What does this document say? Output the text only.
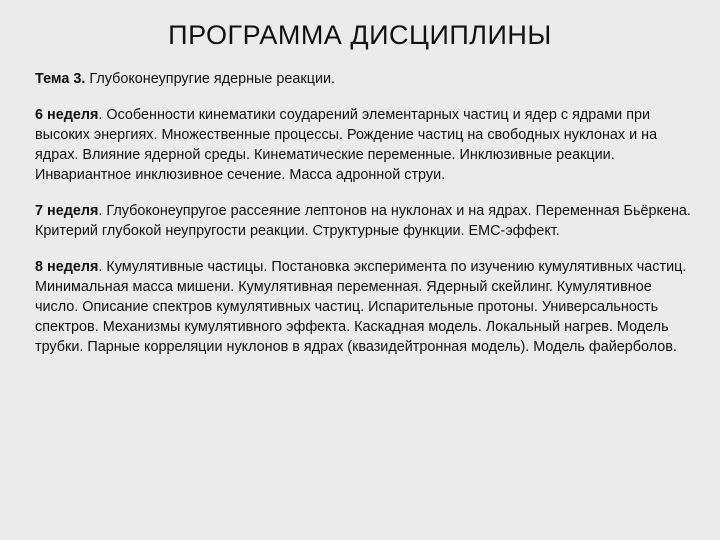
ПРОГРАММА ДИСЦИПЛИНЫ

Тема 3. Глубоконеупругие ядерные реакции.

6 неделя. Особенности кинематики соударений элементарных частиц и ядер с ядрами при высоких энергиях. Множественные процессы. Рождение частиц на свободных нуклонах и на ядрах. Влияние ядерной среды. Кинематические переменные. Инклюзивные реакции. Инвариантное инклюзивное сечение. Масса адронной струи.

7 неделя. Глубоконеупругое рассеяние лептонов на нуклонах и на ядрах. Переменная Бьёркена. Критерий глубокой неупругости реакции. Структурные функции. ЕМС-эффект.

8 неделя. Кумулятивные частицы. Постановка эксперимента по изучению кумулятивных частиц. Минимальная масса мишени. Кумулятивная переменная. Ядерный скейлинг. Кумулятивное число. Описание спектров кумулятивных частиц. Испарительные протоны. Универсальность спектров. Механизмы кумулятивного эффекта. Каскадная модель. Локальный нагрев. Модель трубки. Парные корреляции нуклонов в ядрах (квазидейтронная модель). Модель файерболов.
